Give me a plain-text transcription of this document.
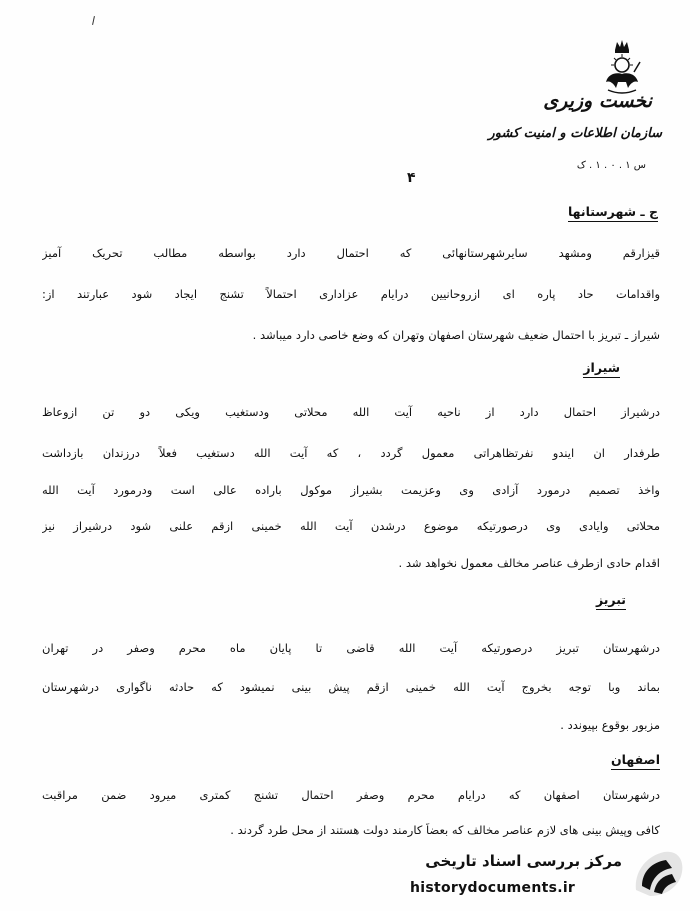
نخست وزیری
سازمان اطلاعات و امنیت کشور
س ۱ . ۰ . ۱ . ک
۴
ج ـ شهرستانها
قیزارقم ومشهد سایرشهرستانهائی که احتمال دارد بواسطه مطالب تحریک آمیز
واقدامات حاد پاره ای ازروحانیین درایام عزاداری احتمالاً تشنج ایجاد شود عبارتند از:
شیراز ـ تبریز با احتمال ضعیف شهرستان اصفهان وتهران که وضع خاصی دارد میباشد .
شیراز
درشیراز احتمال دارد از ناحیه آیت الله محلاتی ودستغیب ویکی دو تن ازوعاظ
طرفدار ان ایندو نفرتظاهراتی معمول گردد ، که آیت الله دستغیب فعلاً درزندان بازداشت
واخذ تصمیم درمورد آزادی وی وعزیمت بشیراز موکول باراده عالی است ودرمورد آیت الله
محلاتی وایادی وی درصورتیکه موضوع درشدن آیت الله خمینی ازقم علنی شود درشیراز نیز
اقدام حادی ازطرف عناصر مخالف معمول نخواهد شد .
تبریز
درشهرستان تبریز درصورتیکه آیت الله قاضی تا پایان ماه محرم وصفر در تهران
بماند وبا توجه بخروج آیت الله خمینی ازقم پیش بینی نمیشود که حادثه ناگواری درشهرستان
مزبور بوقوع بپیوندد .
اصفهان
درشهرستان اصفهان که درایام محرم وصفر احتمال تشنج کمتری میرود ضمن مراقبت
کافی وپیش بینی های لازم عناصر مخالف که بعضاً کارمند دولت هستند از محل طرد گردند .
مرکز بررسی اسناد تاریخی
historydocuments.ir
